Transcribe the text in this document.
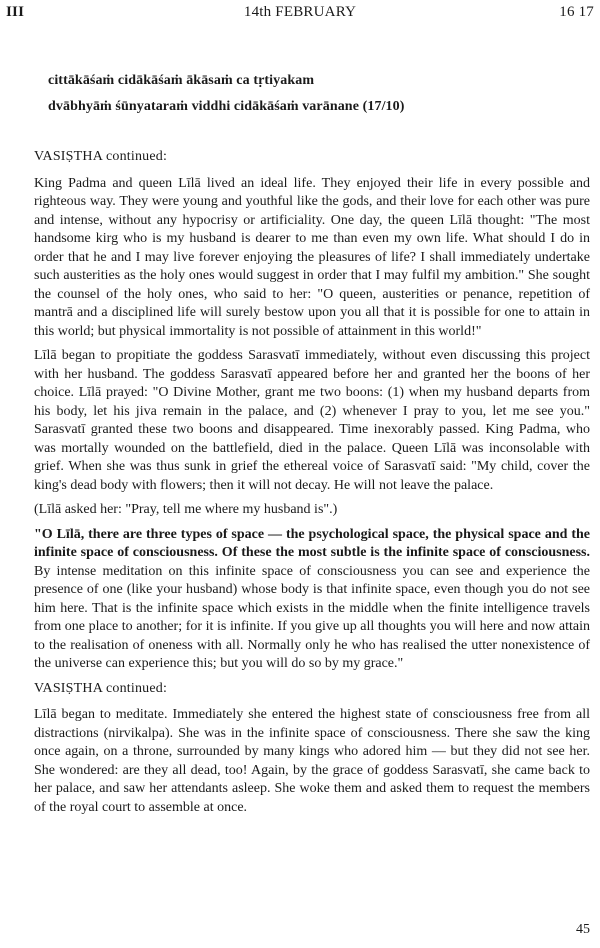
III	14th FEBRUARY	16 17
cittākāśaṁ cidākāśaṁ ākāsaṁ ca tṛtiyakam
dvābhyāṁ śūnyataraṁ viddhi cidākāśaṁ varānane (17/10)

VASIṢTHA continued:

King Padma and queen Līlā lived an ideal life. They enjoyed their life in every possible and righteous way. They were young and youthful like the gods, and their love for each other was pure and intense, without any hypocrisy or artificiality. One day, the queen Līlā thought: "The most handsome kirg who is my husband is dearer to me than even my own life. What should I do in order that he and I may live forever enjoying the pleasures of life? I shall immediately undertake such austerities as the holy ones would suggest in order that I may fulfil my ambition." She sought the counsel of the holy ones, who said to her: "O queen, austerities or penance, repetition of mantrā and a disciplined life will surely bestow upon you all that it is possible for one to attain in this world; but physical immortality is not possible of attainment in this world!"

Līlā began to propitiate the goddess Sarasvatī immediately, without even discussing this project with her husband. The goddess Sarasvatī appeared before her and granted her the boons of her choice. Līlā prayed: "O Divine Mother, grant me two boons: (1) when my husband departs from his body, let his jiva remain in the palace, and (2) whenever I pray to you, let me see you." Sarasvatī granted these two boons and disappeared. Time inexorably passed. King Padma, who was mortally wounded on the battlefield, died in the palace. Queen Līlā was inconsolable with grief. When she was thus sunk in grief the ethereal voice of Sarasvatī said: "My child, cover the king's dead body with flowers; then it will not decay. He will not leave the palace.

(Līlā asked her: "Pray, tell me where my husband is".)

"O Līlā, there are three types of space — the psychological space, the physical space and the infinite space of consciousness. Of these the most subtle is the infinite space of consciousness. By intense meditation on this infinite space of consciousness you can see and experience the presence of one (like your husband) whose body is that infinite space, even though you do not see him here. That is the infinite space which exists in the middle when the finite intelligence travels from one place to another; for it is infinite. If you give up all thoughts you will here and now attain to the realisation of oneness with all. Normally only he who has realised the utter nonexistence of the universe can experience this; but you will do so by my grace."

VASIṢTHA continued:

Līlā began to meditate. Immediately she entered the highest state of consciousness free from all distractions (nirvikalpa). She was in the infinite space of consciousness. There she saw the king once again, on a throne, surrounded by many kings who adored him — but they did not see her. She wondered: are they all dead, too! Again, by the grace of goddess Sarasvatī, she came back to her palace, and saw her attendants asleep. She woke them and asked them to request the members of the royal court to assemble at once.

45
